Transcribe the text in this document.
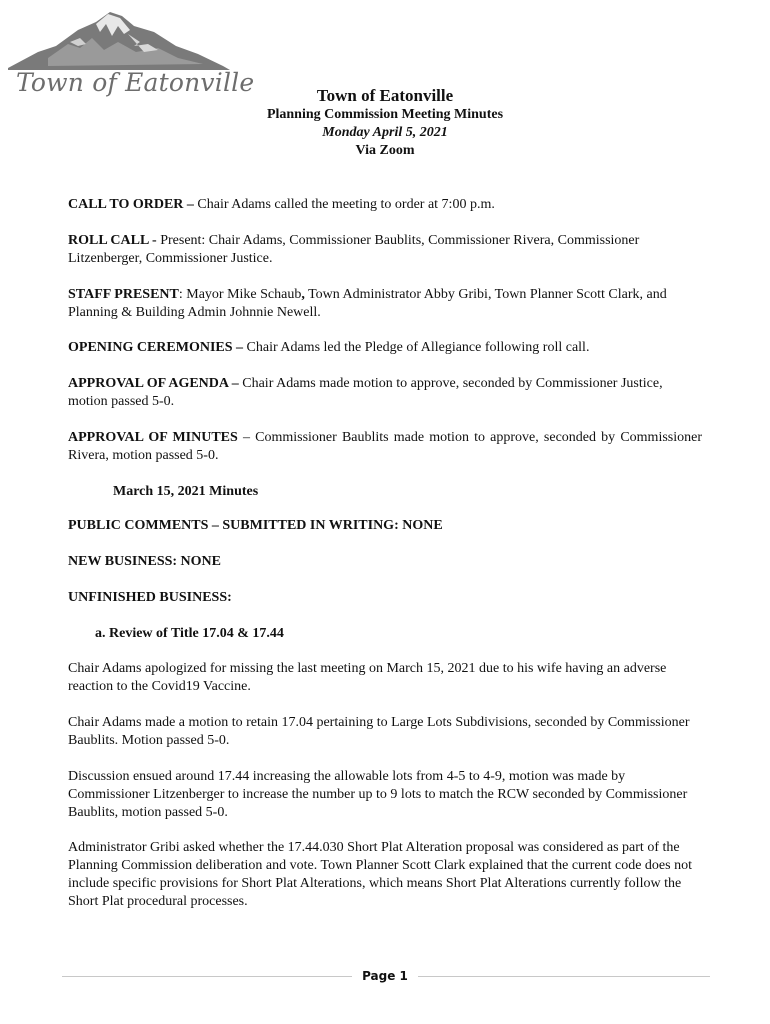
Town of Eatonville	Town of Eatonville
Planning Commission Meeting Minutes
Monday April 5, 2021
Via Zoom
CALL TO ORDER – Chair Adams called the meeting to order at 7:00 p.m.
ROLL CALL - Present: Chair Adams, Commissioner Baublits, Commissioner Rivera, Commissioner Litzenberger, Commissioner Justice.
STAFF PRESENT: Mayor Mike Schaub, Town Administrator Abby Gribi, Town Planner Scott Clark, and Planning & Building Admin Johnnie Newell.
OPENING CEREMONIES – Chair Adams led the Pledge of Allegiance following roll call.
APPROVAL OF AGENDA – Chair Adams made motion to approve, seconded by Commissioner Justice, motion passed 5-0.
APPROVAL OF MINUTES – Commissioner Baublits made motion to approve, seconded by Commissioner Rivera, motion passed 5-0.
March 15, 2021 Minutes
PUBLIC COMMENTS – SUBMITTED IN WRITING: NONE
NEW BUSINESS: NONE
UNFINISHED BUSINESS:
a. Review of Title 17.04 & 17.44
Chair Adams apologized for missing the last meeting on March 15, 2021 due to his wife having an adverse reaction to the Covid19 Vaccine.
Chair Adams made a motion to retain 17.04 pertaining to Large Lots Subdivisions, seconded by Commissioner Baublits. Motion passed 5-0.
Discussion ensued around 17.44 increasing the allowable lots from 4-5 to 4-9, motion was made by Commissioner Litzenberger to increase the number up to 9 lots to match the RCW seconded by Commissioner Baublits, motion passed 5-0.
Administrator Gribi asked whether the 17.44.030 Short Plat Alteration proposal was considered as part of the Planning Commission deliberation and vote. Town Planner Scott Clark explained that the current code does not include specific provisions for Short Plat Alterations, which means Short Plat Alterations currently follow the Short Plat procedural processes.
Page 1
